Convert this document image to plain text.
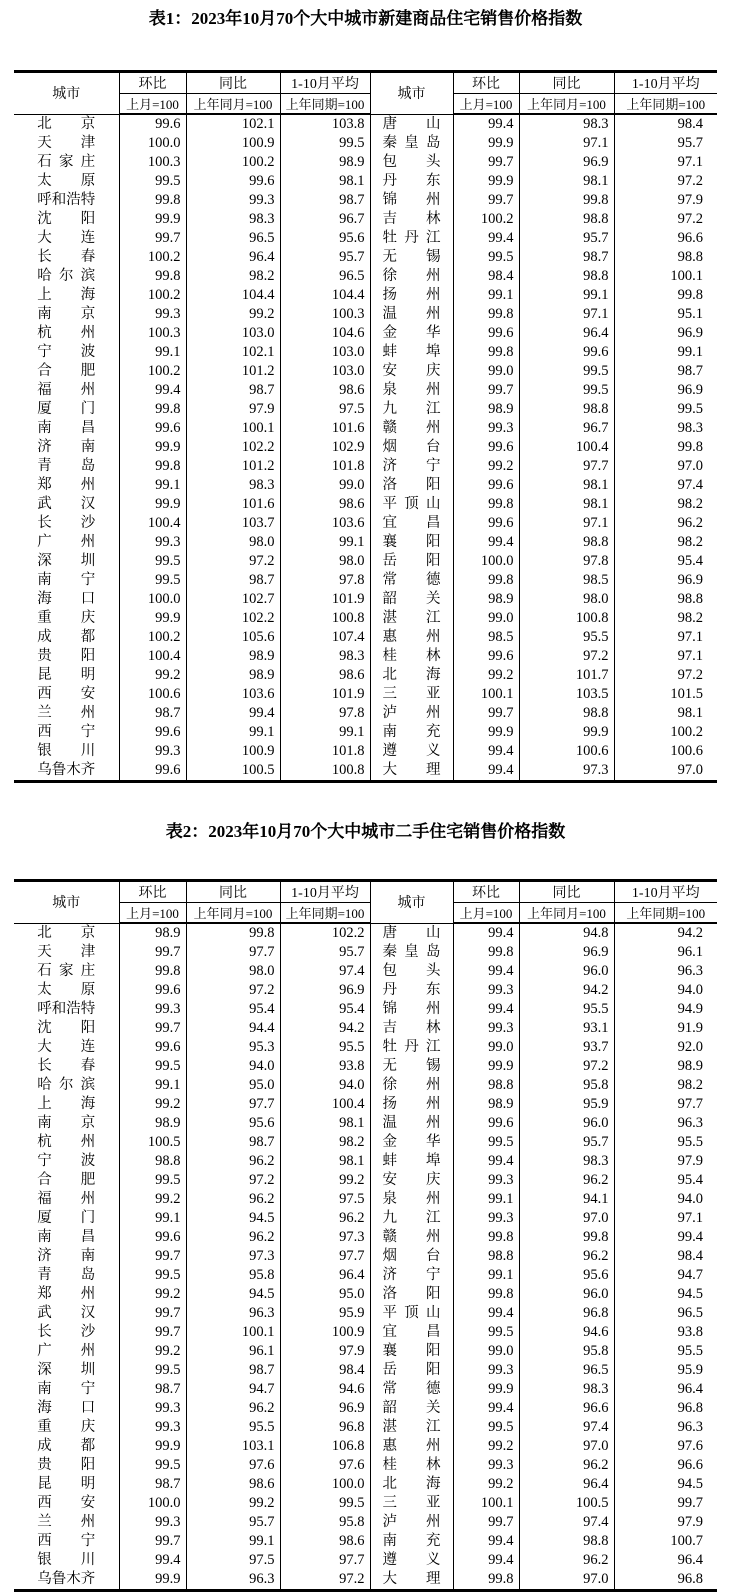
表1：2023年10月70个大中城市新建商品住宅销售价格指数
城市	环比	同比	1-10月平均	城市	环比	同比	1-10月平均
	上月=100	上年同月=100	上年同期=100		上月=100	上年同月=100	上年同期=100
北京	99.6	102.1	103.8	唐山	99.4	98.3	98.4
天津	100.0	100.9	99.5	秦皇岛	99.9	97.1	95.7
石家庄	100.3	100.2	98.9	包头	99.7	96.9	97.1
太原	99.5	99.6	98.1	丹东	99.9	98.1	97.2
呼和浩特	99.8	99.3	98.7	锦州	99.7	99.8	97.9
沈阳	99.9	98.3	96.7	吉林	100.2	98.8	97.2
大连	99.7	96.5	95.6	牡丹江	99.4	95.7	96.6
长春	100.2	96.4	95.7	无锡	99.5	98.7	98.8
哈尔滨	99.8	98.2	96.5	徐州	98.4	98.8	100.1
上海	100.2	104.4	104.4	扬州	99.1	99.1	99.8
南京	99.3	99.2	100.3	温州	99.8	97.1	95.1
杭州	100.3	103.0	104.6	金华	99.6	96.4	96.9
宁波	99.1	102.1	103.0	蚌埠	99.8	99.6	99.1
合肥	100.2	101.2	103.0	安庆	99.0	99.5	98.7
福州	99.4	98.7	98.6	泉州	99.7	99.5	96.9
厦门	99.8	97.9	97.5	九江	98.9	98.8	99.5
南昌	99.6	100.1	101.6	赣州	99.3	96.7	98.3
济南	99.9	102.2	102.9	烟台	99.6	100.4	99.8
青岛	99.8	101.2	101.8	济宁	99.2	97.7	97.0
郑州	99.1	98.3	99.0	洛阳	99.6	98.1	97.4
武汉	99.9	101.6	98.6	平顶山	99.8	98.1	98.2
长沙	100.4	103.7	103.6	宜昌	99.6	97.1	96.2
广州	99.3	98.0	99.1	襄阳	99.4	98.8	98.2
深圳	99.5	97.2	98.0	岳阳	100.0	97.8	95.4
南宁	99.5	98.7	97.8	常德	99.8	98.5	96.9
海口	100.0	102.7	101.9	韶关	98.9	98.0	98.8
重庆	99.9	102.2	100.8	湛江	99.0	100.8	98.2
成都	100.2	105.6	107.4	惠州	98.5	95.5	97.1
贵阳	100.4	98.9	98.3	桂林	99.6	97.2	97.1
昆明	99.2	98.9	98.6	北海	99.2	101.7	97.2
西安	100.6	103.6	101.9	三亚	100.1	103.5	101.5
兰州	98.7	99.4	97.8	泸州	99.7	98.8	98.1
西宁	99.6	99.1	99.1	南充	99.9	99.9	100.2
银川	99.3	100.9	101.8	遵义	99.4	100.6	100.6
乌鲁木齐	99.6	100.5	100.8	大理	99.4	97.3	97.0
表2：2023年10月70个大中城市二手住宅销售价格指数
城市	环比	同比	1-10月平均	城市	环比	同比	1-10月平均
	上月=100	上年同月=100	上年同期=100		上月=100	上年同月=100	上年同期=100
北京	98.9	99.8	102.2	唐山	99.4	94.8	94.2
天津	99.7	97.7	95.7	秦皇岛	99.8	96.9	96.1
石家庄	99.8	98.0	97.4	包头	99.4	96.0	96.3
太原	99.6	97.2	96.9	丹东	99.3	94.2	94.0
呼和浩特	99.3	95.4	95.4	锦州	99.4	95.5	94.9
沈阳	99.7	94.4	94.2	吉林	99.3	93.1	91.9
大连	99.6	95.3	95.5	牡丹江	99.0	93.7	92.0
长春	99.5	94.0	93.8	无锡	99.9	97.2	98.9
哈尔滨	99.1	95.0	94.0	徐州	98.8	95.8	98.2
上海	99.2	97.7	100.4	扬州	98.9	95.9	97.7
南京	98.9	95.6	98.1	温州	99.6	96.0	96.3
杭州	100.5	98.7	98.2	金华	99.5	95.7	95.5
宁波	98.8	96.2	98.1	蚌埠	99.4	98.3	97.9
合肥	99.5	97.2	99.2	安庆	99.3	96.2	95.4
福州	99.2	96.2	97.5	泉州	99.1	94.1	94.0
厦门	99.1	94.5	96.2	九江	99.3	97.0	97.1
南昌	99.6	96.2	97.3	赣州	99.8	99.8	99.4
济南	99.7	97.3	97.7	烟台	98.8	96.2	98.4
青岛	99.5	95.8	96.4	济宁	99.1	95.6	94.7
郑州	99.2	94.5	95.0	洛阳	99.8	96.0	94.5
武汉	99.7	96.3	95.9	平顶山	99.4	96.8	96.5
长沙	99.7	100.1	100.9	宜昌	99.5	94.6	93.8
广州	99.2	96.1	97.9	襄阳	99.0	95.8	95.5
深圳	99.5	98.7	98.4	岳阳	99.3	96.5	95.9
南宁	98.7	94.7	94.6	常德	99.9	98.3	96.4
海口	99.3	96.2	96.9	韶关	99.4	96.6	96.8
重庆	99.3	95.5	96.8	湛江	99.5	97.4	96.3
成都	99.9	103.1	106.8	惠州	99.2	97.0	97.6
贵阳	99.5	97.6	97.6	桂林	99.3	96.2	96.6
昆明	98.7	98.6	100.0	北海	99.2	96.4	94.5
西安	100.0	99.2	99.5	三亚	100.1	100.5	99.7
兰州	99.3	95.7	95.8	泸州	99.7	97.4	97.9
西宁	99.7	99.1	98.6	南充	99.4	98.8	100.7
银川	99.4	97.5	97.7	遵义	99.4	96.2	96.4
乌鲁木齐	99.9	96.3	97.2	大理	99.8	97.0	96.8
